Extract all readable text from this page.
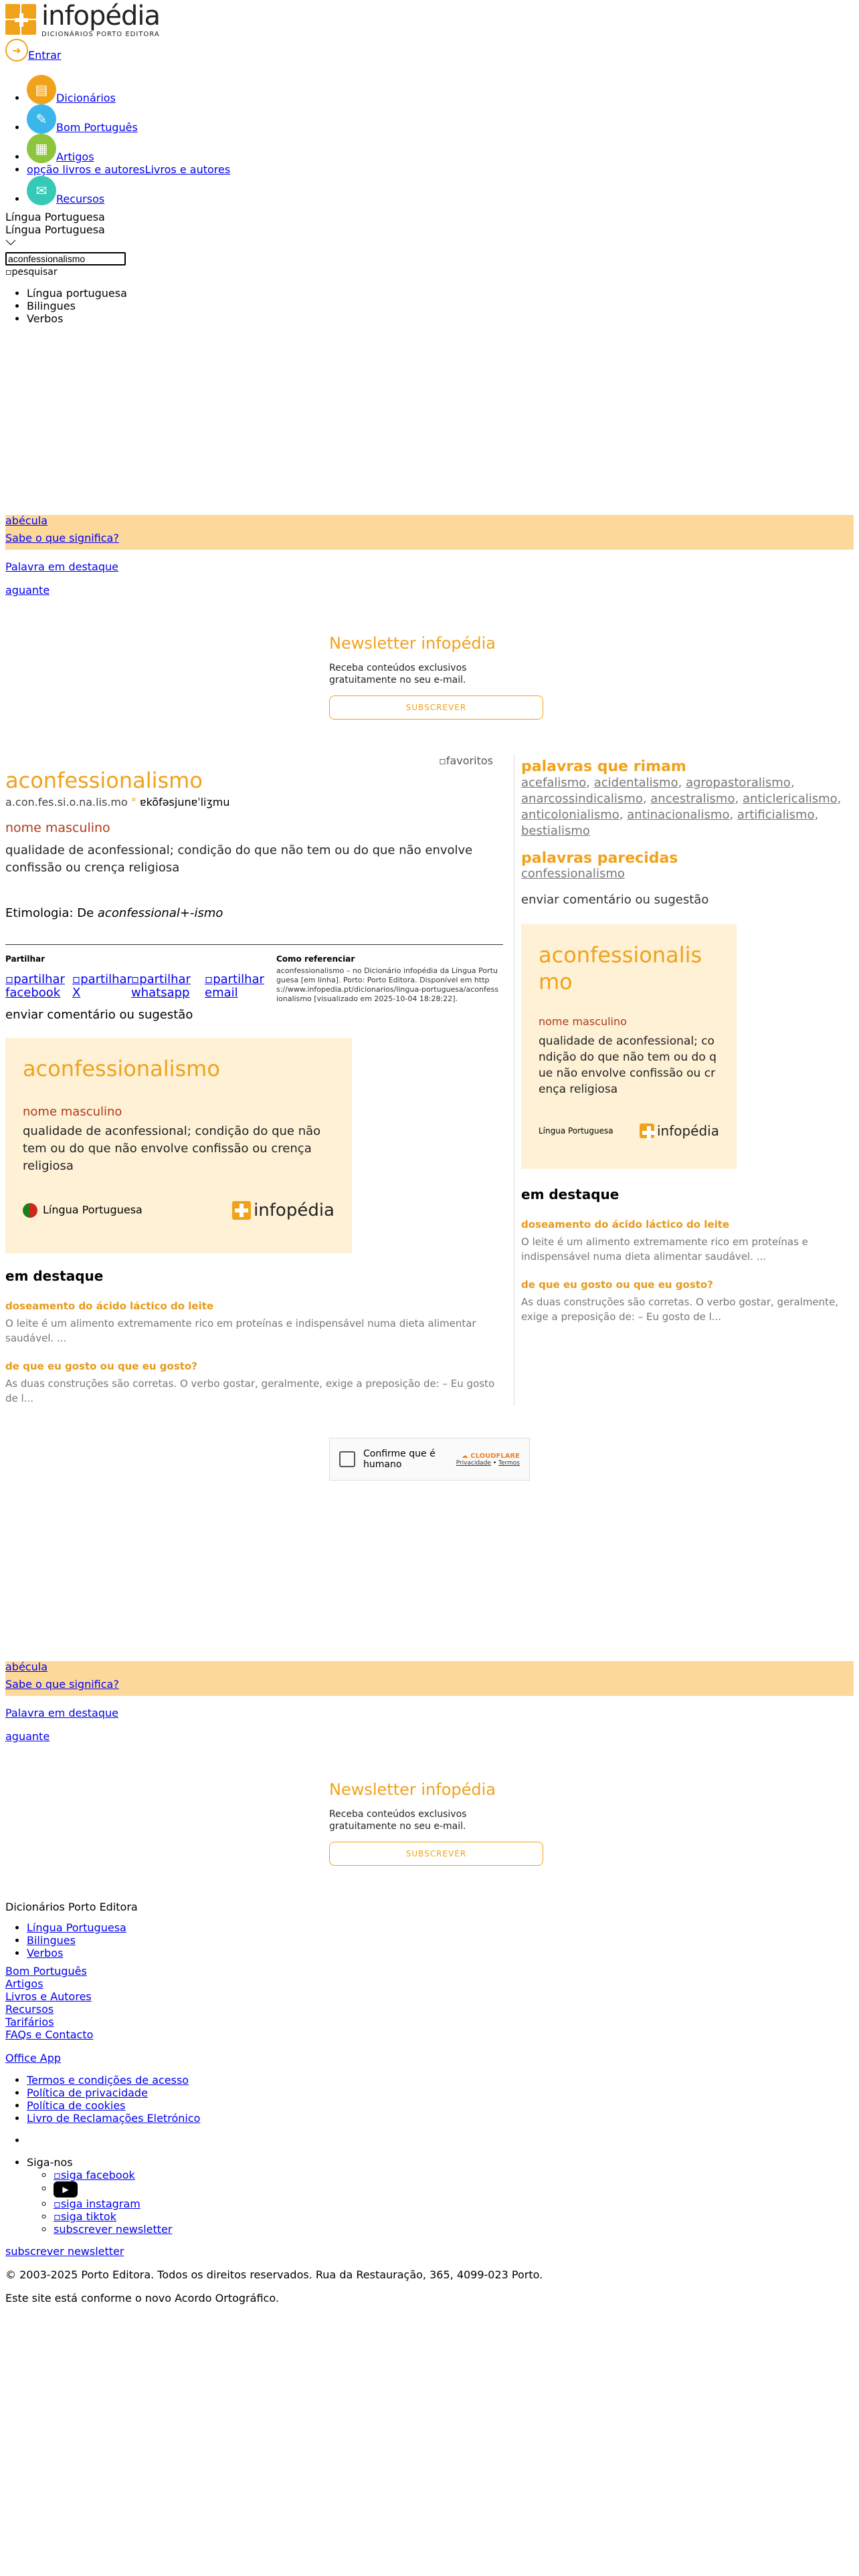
infopédia
DICIONÁRIOS PORTO EDITORA
➜ Entrar
• ▤Dicionários
• ✎Bom Português
• ▦Artigos
• opção livros e autoresLivros e autores
• ✉Recursos
Língua Portuguesa
Língua Portuguesa
aconfessionalismo
▫pesquisar
• Língua portuguesa
• Bilingues
• Verbos
abécula
Sabe o que significa?
Palavra em destaque
aguante
Newsletter infopédia

Receba conteúdos exclusivos gratuitamente no seu e-mail.

SUBSCREVER
▫favoritos
aconfessionalismo
a.con.fes.si.o.na.lis.mo ° ɐkõfəsjunɐˈliʒmu
nome masculino
qualidade de aconfessional; condição do que não tem ou do que não envolve confissão ou crença religiosa
Etimologia: De aconfessional+-ismo
Partilhar
▫partilhar facebook
▫partilhar X
▫partilhar whatsapp
▫partilhar email
Como referenciar
aconfessionalismo – no Dicionário infopédia da Língua Portuguesa [em linha]. Porto: Porto Editora. Disponível em https://www.infopedia.pt/dicionarios/lingua-portuguesa/aconfessionalismo [visualizado em 2025-10-04 18:28:22].
enviar comentário ou sugestão
aconfessionalismo
nome masculino
qualidade de aconfessional; condição do que não tem ou do que não envolve confissão ou crença religiosa
Língua Portuguesa	infopédia
em destaque
doseamento do ácido láctico do leite
O leite é um alimento extremamente rico em proteínas e indispensável numa dieta alimentar saudável. ...
de que eu gosto ou que eu gosto?
As duas construções são corretas. O verbo gostar, geralmente, exige a preposição de: – Eu gosto de l...
palavras que rimam
acefalismo, acidentalismo, agropastoralismo, anarcossindicalismo, ancestralismo, anticlericalismo, anticolonialismo, antinacionalismo, artificialismo, bestialismo
palavras parecidas
confessionalismo
enviar comentário ou sugestão
aconfessionalis
mo
nome masculino
qualidade de aconfessional; condição do que não tem ou do que não envolve confissão ou crença religiosa
Língua Portuguesa	infopédia
em destaque
doseamento do ácido láctico do leite
O leite é um alimento extremamente rico em proteínas e indispensável numa dieta alimentar saudável. ...
de que eu gosto ou que eu gosto?
As duas construções são corretas. O verbo gostar, geralmente, exige a preposição de: – Eu gosto de l...
Confirme que é humano
☁ CLOUDFLARE
Privacidade • Termos
abécula
Sabe o que significa?
Palavra em destaque
aguante
Newsletter infopédia

Receba conteúdos exclusivos gratuitamente no seu e-mail.

SUBSCREVER
Dicionários Porto Editora
• Língua Portuguesa
• Bilingues
• Verbos
Bom Português
Artigos
Livros e Autores
Recursos
Tarifários
FAQs e Contacto
Office App
• Termos e condições de acesso
• Política de privacidade
• Política de cookies
• Livro de Reclamações Eletrónico
•
• Siga-nos
◦ ▫siga facebook
◦ ▶
◦ ▫siga instagram
◦ ▫siga tiktok
◦ subscrever newsletter
subscrever newsletter
© 2003-2025 Porto Editora. Todos os direitos reservados. Rua da Restauração, 365, 4099-023 Porto.
Este site está conforme o novo Acordo Ortográfico.
